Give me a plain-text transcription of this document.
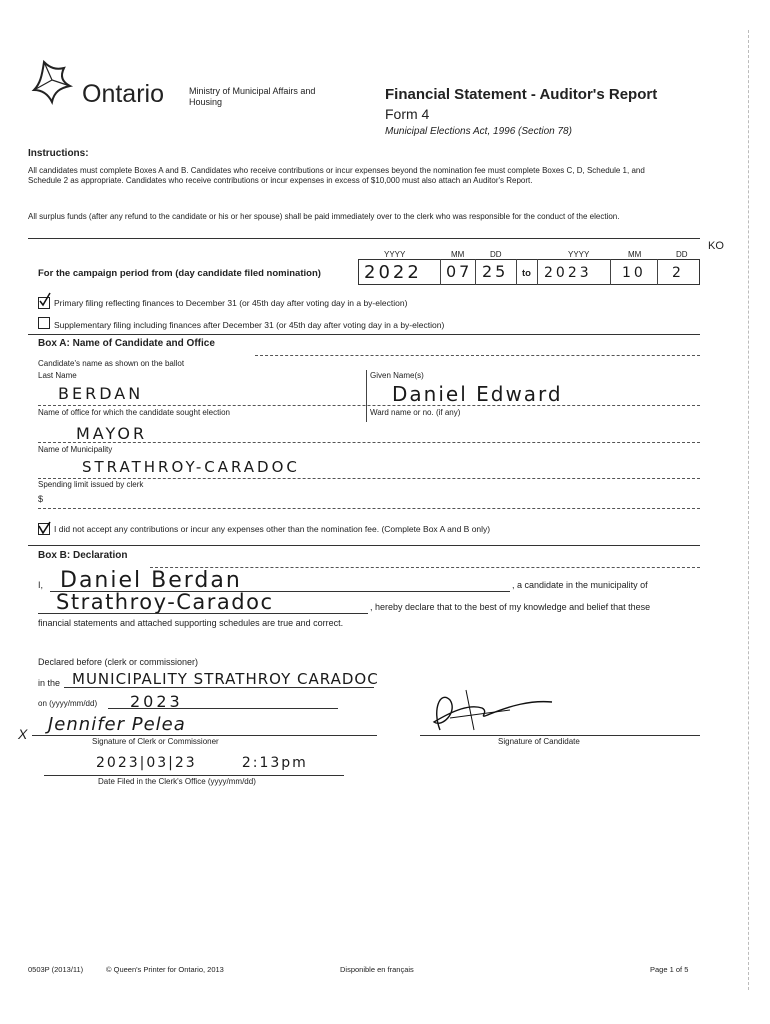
Ontario	Ministry of Municipal Affairs and Housing	Financial Statement - Auditor's Report
Form 4
Municipal Elections Act, 1996 (Section 78)
Instructions:
All candidates must complete Boxes A and B. Candidates who receive contributions or incur expenses beyond the nomination fee must complete Boxes C, D, Schedule 1, and Schedule 2 as appropriate. Candidates who receive contributions or incur expenses in excess of $10,000 must also attach an Auditor's Report.
All surplus funds (after any refund to the candidate or his or her spouse) shall be paid immediately over to the clerk who was responsible for the conduct of the election.
YYYY	MM	DD	YYYY	MM	DD
KO
For the campaign period from (day candidate filed nomination) 2022 07 25 to 2023 10 2
Primary filing reflecting finances to December 31 (or 45th day after voting day in a by-election)
Supplementary filing including finances after December 31 (or 45th day after voting day in a by-election)
Box A: Name of Candidate and Office
Candidate's name as shown on the ballot
Last Name	Given Name(s)
BERDAN	Daniel Edward
Name of office for which the candidate sought election	Ward name or no. (if any)
MAYOR
Name of Municipality
STRATHROY-CARADOC
Spending limit issued by clerk
$
I did not accept any contributions or incur any expenses other than the nomination fee. (Complete Box A and B only)
Box B: Declaration
I, Daniel Berdan	, a candidate in the municipality of
Strathroy-Caradoc	, hereby declare that to the best of my knowledge and belief that these
financial statements and attached supporting schedules are true and correct.
Declared before (clerk or commissioner)
in the MUNICIPALITY STRATHROY CARADOC
on (yyyy/mm/dd) 2023
X Jennifer Pelea
Signature of Clerk or Commissioner	Signature of Candidate
2023|03|23       2:13pm
Date Filed in the Clerk's Office (yyyy/mm/dd)
0503P (2013/11)	© Queen's Printer for Ontario, 2013	Disponible en français	Page 1 of 5
